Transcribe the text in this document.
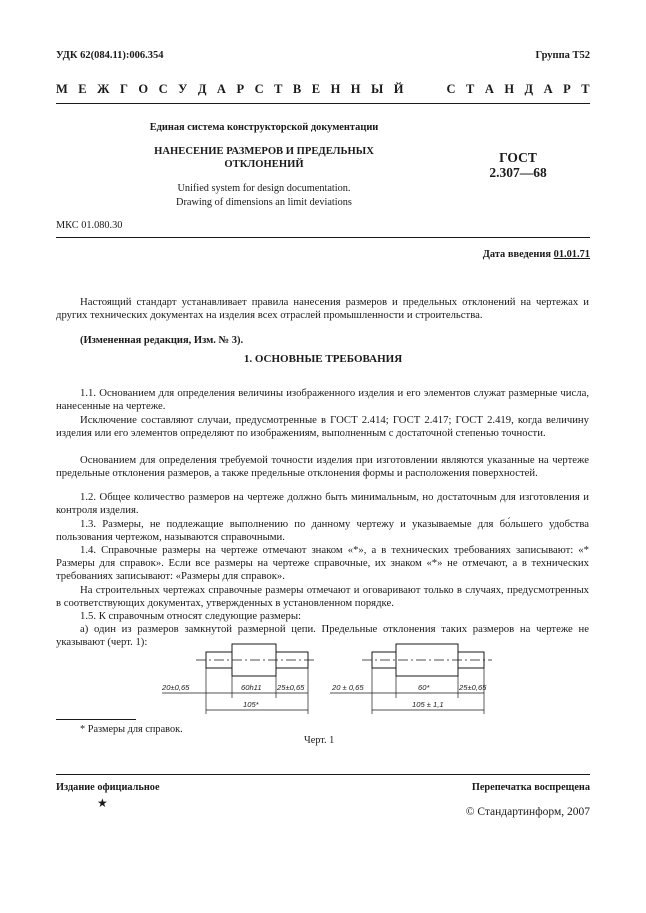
УДК 62(084.11):006.354	Группа Т52
М Е Ж Г О С У Д А Р С Т В Е Н Н Ы Й	С Т А Н Д А Р Т
Единая система конструкторской документации
НАНЕСЕНИЕ РАЗМЕРОВ И ПРЕДЕЛЬНЫХ
ОТКЛОНЕНИЙ	ГОСТ
2.307—68
Unified system for design documentation.
Drawing of dimensions an limit deviations
МКС 01.080.30
Дата введения 01.01.71

Настоящий стандарт устанавливает правила нанесения размеров и предельных отклонений на чертежах и других технических документах на изделия всех отраслей промышленности и строительства.

(Измененная редакция, Изм. № 3).

1. ОСНОВНЫЕ ТРЕБОВАНИЯ

1.1. Основанием для определения величины изображенного изделия и его элементов служат размерные числа, нанесенные на чертеже.

Исключение составляют случаи, предусмотренные в ГОСТ 2.414; ГОСТ 2.417; ГОСТ 2.419, когда величину изделия или его элементов определяют по изображениям, выполненным с достаточной степенью точности.

Основанием для определения требуемой точности изделия при изготовлении являются указанные на чертеже предельные отклонения размеров, а также предельные отклонения формы и расположения поверхностей.

1.2. Общее количество размеров на чертеже должно быть минимальным, но достаточным для изготовления и контроля изделия.

1.3. Размеры, не подлежащие выполнению по данному чертежу и указываемые для бо́льшего удобства пользования чертежом, называются справочными.

1.4. Справочные размеры на чертеже отмечают знаком «*», а в технических требованиях записывают: «* Размеры для справок». Если все размеры на чертеже справочные, их знаком «*» не отмечают, а в технических требованиях записывают: «Размеры для справок».

На строительных чертежах справочные размеры отмечают и оговаривают только в случаях, предусмотренных в соответствующих документах, утвержденных в установленном порядке.

1.5. К справочным относят следующие размеры:

а) один из размеров замкнутой размерной цепи. Предельные отклонения таких размеров на чертеже не указывают (черт. 1):

20±0,65	60h11 25±0,65
105*
20 ± 0,65	60*	25±0,65
105 ± 1,1
* Размеры для справок.
Черт. 1
Издание официальное
★
Перепечатка воспрещена
© Стандартинформ, 2007
